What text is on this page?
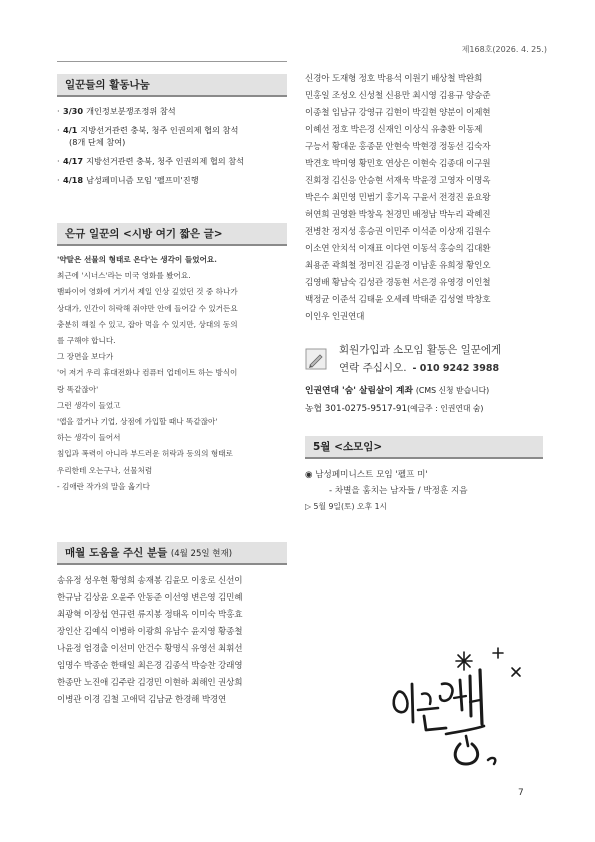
제168호(2026. 4. 25.)
일꾼들의 활동나눔
· 3/30 개인정보분쟁조정위 참석
· 4/1 지방선거관련 충북, 청주 인권의제 협의 참석
(8개 단체 참여)
· 4/17 지방선거관련 충북, 청주 인권의제 협의 참석
· 4/18 남성페미니즘 모임 '펠프미'진행
은규 일꾼의 <시방 여기 짧은 글>
'약탈은 선물의 형태로 온다'는 생각이 들었어요.
최근에 '시너스'라는 미국 영화를 봤어요.
뱀파이어 영화에 거기서 제일 인상 깊었던 것 중 하나가
상대가, 인간이 허락해 줘야만 안에 들어갈 수 있거든요
충분히 해칠 수 있고, 잡아 먹을 수 있지만, 상대의 동의
를 구해야 합니다.
그 장면을 보다가
'어 저거 우리 휴대전화나 컴퓨터 업데이트 하는 방식이
랑 똑같잖아'
그런 생각이 들었고
'앱을 깔거나 기업, 상점에 가입할 때나 똑같잖아'
하는 생각이 들어서
침입과 폭력이 아니라 부드러운 허락과 동의의 형태로
우리한테 오는구나, 선물처럼
- 김애란 작가의 말을 옮기다
매월 도움을 주신 분들 (4월 25일 현재)
송유정 성우현 황영희 송재봉 김윤모 이웅로 신선이
한규남 김상윤 오윤주 안동준 이선영 변은영 김민혜
최광혁 이장섭 연규련 류지봉 정태옥 이미숙 박홍효
장인산 김예식 이병하 이광희 유남수 윤지영 황종철
나윤정 엄경출 이선미 안건수 황명식 유영선 최휘선
임명수 박종순 한태일 최은경 김종석 박승찬 강래영
한종만 노진애 김주란 김경민 이현하 최해인 권상희
이병관 이경 김철 고애덕 김남균 한경해 박경연
신경아 도재형 정호 박용석 이원기 배상철 박완희
민홍일 조성오 신성철 신용만 최시영 김용규 양승준
이종철 임남규 강영규 김현이 박길현 양분이 이제현
이혜선 정호 박은경 신재인 이상식 유충환 이동제
구능서 황대운 홍종문 안현숙 박현경 정동선 김숙자
박견호 박미영 황민호 연상은 이현숙 김종대 이구원
진회정 김신응 안승현 서재욱 박윤경 고영자 이명옥
박은수 최민영 민범기 홍기옥 구윤서 전경진 윤요왕
허연희 권영환 박창옥 천경민 배정남 박누리 곽혜진
전병찬 정지성 홍승권 이민주 이석준 이상재 김원수
이소연 안치석 이재표 이다연 이동석 홍승의 김대환
최용준 곽희철 정미진 김윤경 이남훈 유희정 황인오
김영배 황남숙 김성관 경동현 서은경 유영경 이인철
백정균 이준석 김태윤 오세레 박태준 김성열 박창호
이인우 인권연대
회원가입과 소모임 활동은 일꾼에게
연락 주십시오. - 010 9242 3988
인권연대 '숨' 살림살이 계좌 (CMS 신청 받습니다)
농협 301-0275-9517-91(예금주 : 인권연대 숨)
5월 <소모임>
◉ 남성페미니스트 모임 '펠프 미'
- 차별을 훔치는 남자들 / 박정훈 지음
▷ 5월 9일(토) 오후 1시
7
